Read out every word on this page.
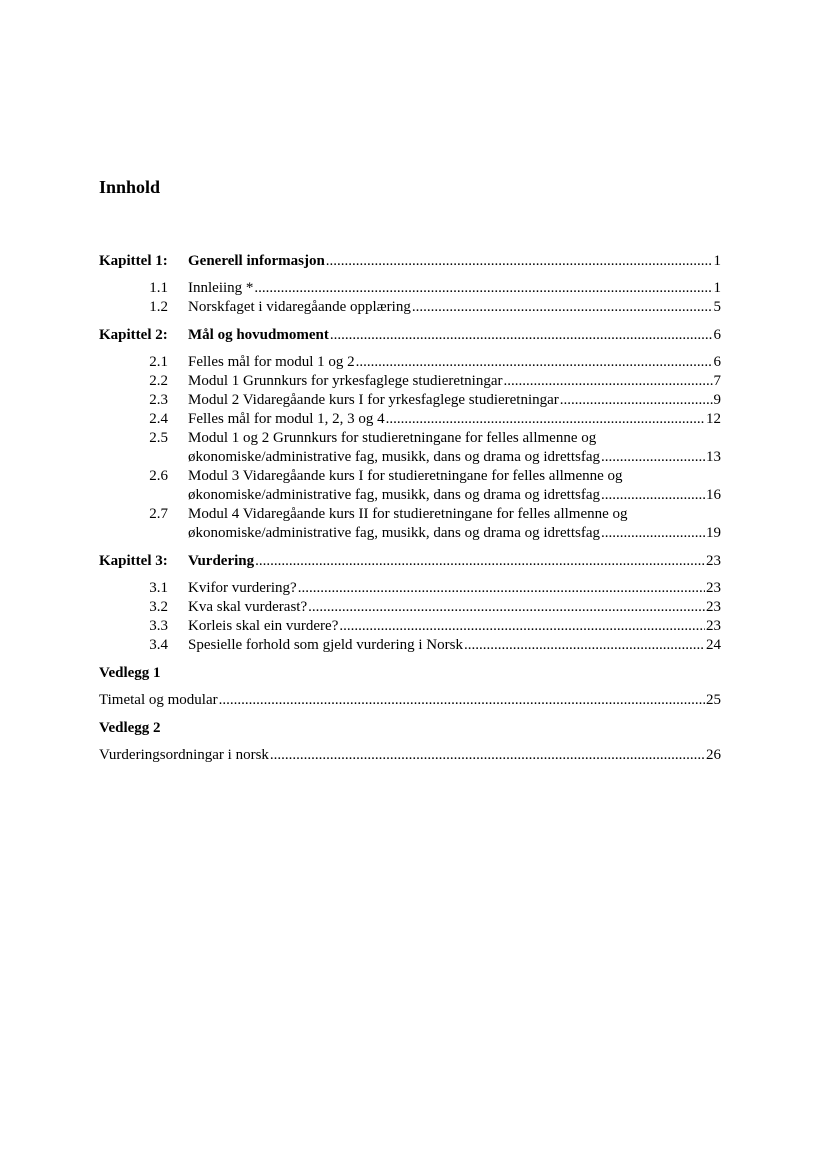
Innhold
Kapittel 1:	Generell informasjon .....	1
1.1	Innleiing * .....	1
1.2	Norskfaget i vidaregåande opplæring .....	5
Kapittel 2:	Mål og hovudmoment .....	6
2.1	Felles mål for modul 1 og 2 .....	6
2.2	Modul 1 Grunnkurs for yrkesfaglege studieretningar .....	7
2.3	Modul 2 Vidaregåande kurs I for yrkesfaglege studieretningar .....	9
2.4	Felles mål for modul 1, 2, 3 og 4 .....	12
2.5	Modul 1 og 2 Grunnkurs for studieretningane for felles allmenne og
økonomiske/administrative fag, musikk, dans og drama og idrettsfag .....	13
2.6	Modul 3 Vidaregåande kurs I for studieretningane for felles allmenne og
økonomiske/administrative fag, musikk, dans og drama og idrettsfag .....	16
2.7	Modul 4 Vidaregåande kurs II for studieretningane for felles allmenne og
økonomiske/administrative fag, musikk, dans og drama og idrettsfag .....	19
Kapittel 3:	Vurdering .....	23
3.1	Kvifor vurdering? .....	23
3.2	Kva skal vurderast? .....	23
3.3	Korleis skal ein vurdere? .....	23
3.4	Spesielle forhold som gjeld vurdering i Norsk .....	24
Vedlegg 1
Timetal og modular .....	25
Vedlegg 2
Vurderingsordningar i norsk .....	26
